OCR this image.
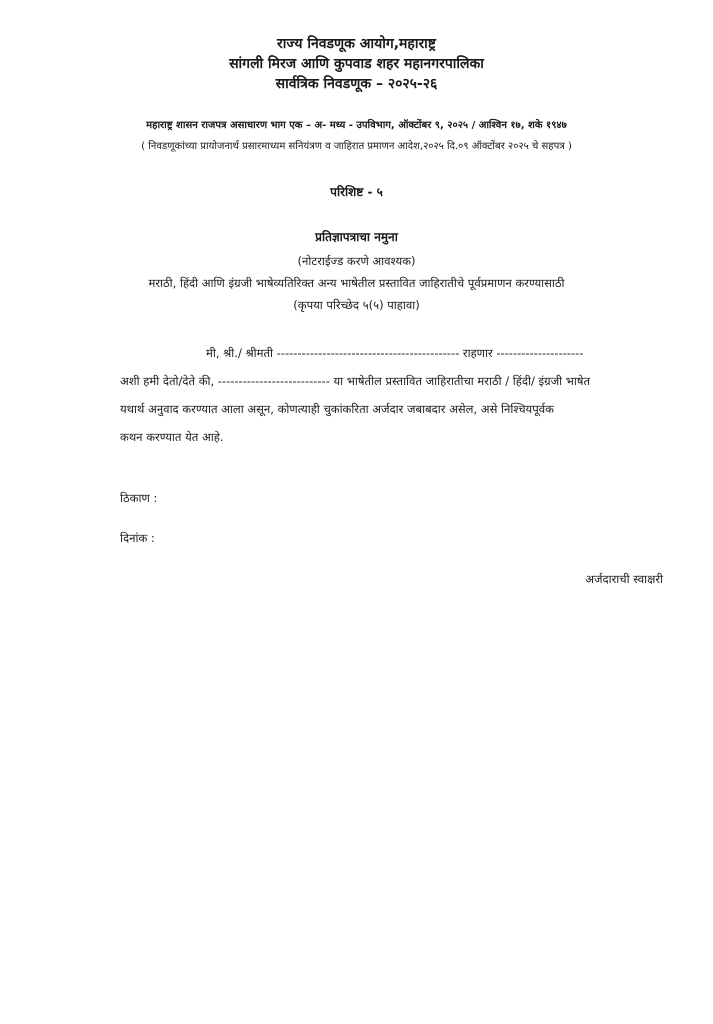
राज्य निवडणूक आयोग,महाराष्ट्र
सांगली मिरज आणि कुपवाड शहर महानगरपालिका
सार्वत्रिक निवडणूक – २०२५-२६
महाराष्ट्र शासन राजपत्र असाधारण भाग एक – अ- मध्य - उपविभाग, ऑक्टोंबर ९, २०२५ / आश्विन १७, शके १९४७
( निवडणूकांच्या प्रायोजनार्थ प्रसारमाध्यम सनियंत्रण व जाहिरात प्रमाणन आदेश,२०२५ दि.०९ ऑक्टोंबर २०२५ चे सहपत्र )
परिशिष्ट - ५
प्रतिज्ञापत्राचा नमुना
(नोटराईज्ड करणे आवश्यक)
मराठी, हिंदी आणि इंग्रजी भाषेव्यतिरिक्त अन्य भाषेतील प्रस्तावित जाहिरातीचे पूर्वप्रमाणन करण्यासाठी
(कृपया परिच्छेद ५(५) पाहावा)
मी, श्री./ श्रीमती -------------------------------------------- राहणार ---------------------
अशी हमी देतो/देते की, --------------------------- या भाषेतील प्रस्तावित जाहिरातीचा मराठी / हिंदी/ इंग्रजी भाषेत
यथार्थ अनुवाद करण्यात आला असून, कोणत्याही चुकांकरिता अर्जदार जबाबदार असेल, असे निश्चियपूर्वक
कथन करण्यात येत आहे.
ठिकाण :
दिनांक :
अर्जदाराची स्वाक्षरी
